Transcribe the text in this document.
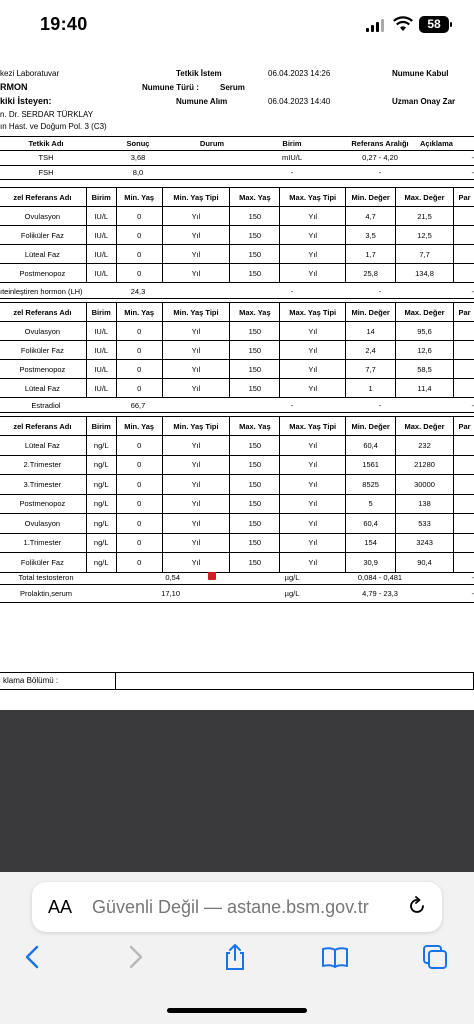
19:40	58
kezi Laboratuvar	Tetkik İstem	06.04.2023 14:26	Numune Kabul
RMON	Numune Türü :	Serum
kiki İsteyen:	Numune Alım	06.04.2023 14:40	Uzman Onay Zar
n. Dr. SERDAR TÜRKLAY
ın Hast. ve Doğum Pol. 3 (C3)
Tetkik Adı	Sonuç	Durum	Birim	Referans Aralığı	Açıklama
TSH	3,68		mIU/L	0,27 - 4,20	-
FSH	8,0		-	-	-
zel Referans Adı	Birim	Min. Yaş	Min. Yaş Tipi	Max. Yaş	Max. Yaş Tipi	Min. Değer	Max. Değer	Par
Ovulasyon	IU/L	0	Yıl	150	Yıl	4,7	21,5	
Foliküler Faz	IU/L	0	Yıl	150	Yıl	3,5	12,5	
Lüteal Faz	IU/L	0	Yıl	150	Yıl	1,7	7,7	
Postmenopoz	IU/L	0	Yıl	150	Yıl	25,8	134,8	
ıteinleştiren hormon (LH)	24,3		-	-	-
zel Referans Adı	Birim	Min. Yaş	Min. Yaş Tipi	Max. Yaş	Max. Yaş Tipi	Min. Değer	Max. Değer	Par
Ovulasyon	IU/L	0	Yıl	150	Yıl	14	95,6	
Foliküler Faz	IU/L	0	Yıl	150	Yıl	2,4	12,6	
Postmenopoz	IU/L	0	Yıl	150	Yıl	7,7	58,5	
Lüteal Faz	IU/L	0	Yıl	150	Yıl	1	11,4	
Estradiol	66,7		-	-	-
zel Referans Adı	Birim	Min. Yaş	Min. Yaş Tipi	Max. Yaş	Max. Yaş Tipi	Min. Değer	Max. Değer	Par
Lüteal Faz	ng/L	0	Yıl	150	Yıl	60,4	232	
2.Trimester	ng/L	0	Yıl	150	Yıl	1561	21280	
3.Trimester	ng/L	0	Yıl	150	Yıl	8525	30000	
Postmenopoz	ng/L	0	Yıl	150	Yıl	5	138	
Ovulasyon	ng/L	0	Yıl	150	Yıl	60,4	533	
1.Trimester	ng/L	0	Yıl	150	Yıl	154	3243	
Foliküler Faz	ng/L	0	Yıl	150	Yıl	30,9	90,4	
Total testosteron	0,54		µg/L	0,084 - 0,481	-
Prolaktin,serum	17,10		µg/L	4,79 - 23,3	-
klama Bölümü :
AA Güvenli Değil — astane.bsm.gov.tr
